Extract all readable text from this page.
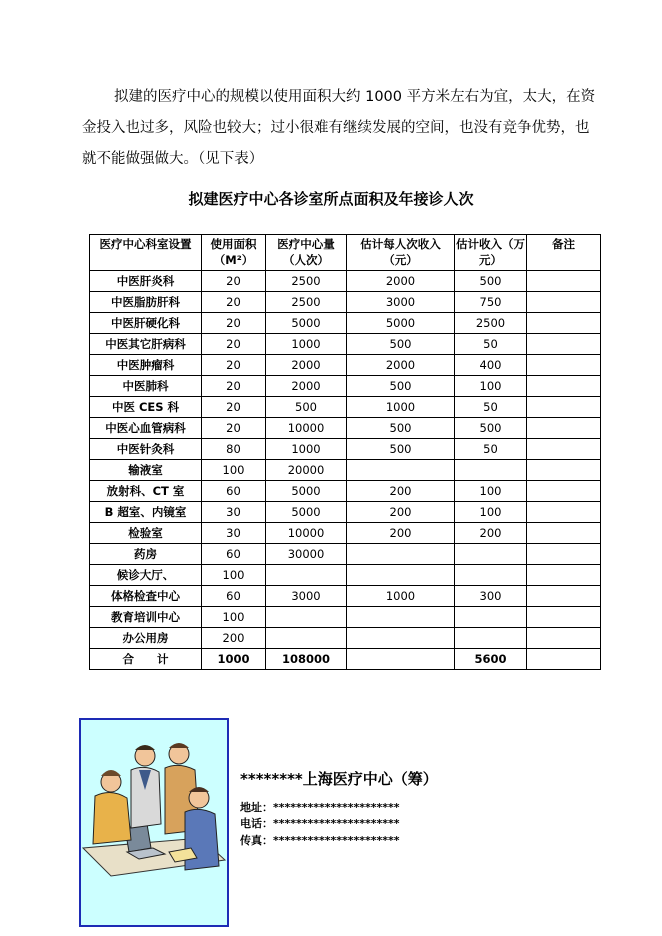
拟建的医疗中心的规模以使用面积大约 1000 平方米左右为宜，太大，在资金投入也过多，风险也较大；过小很难有继续发展的空间，也没有竞争优势，也就不能做强做大。（见下表）

拟建医疗中心各诊室所点面积及年接诊人次

医疗中心科室设置	使用面积（M²）	医疗中心量（人次）	估计每人次收入（元）	估计收入（万元）	备注
中医肝炎科	20	2500	2000	500	
中医脂肪肝科	20	2500	3000	750	
中医肝硬化科	20	5000	5000	2500	
中医其它肝病科	20	1000	500	50	
中医肿瘤科	20	2000	2000	400	
中医肺科	20	2000	500	100	
中医 CES 科	20	500	1000	50	
中医心血管病科	20	10000	500	500	
中医针灸科	80	1000	500	50	
输液室	100	20000			
放射科、CT 室	60	5000	200	100	
B 超室、内镜室	30	5000	200	100	
检验室	30	10000	200	200	
药房	60	30000			
候诊大厅、	100				
体格检查中心	60	3000	1000	300	
教育培训中心	100				
办公用房	200				
合　　计	1000	108000		5600	
********上海医疗中心（筹）
地址：**********************
电话：**********************
传真：**********************
